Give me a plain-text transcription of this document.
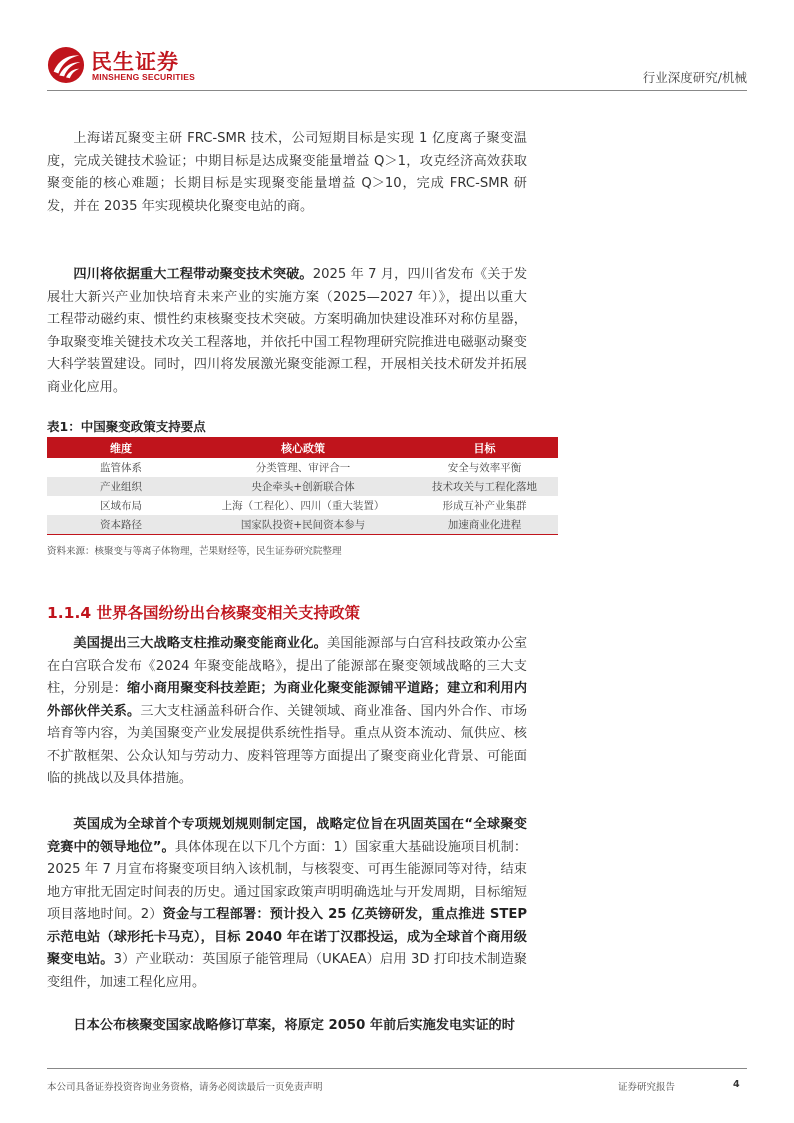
民生证券
MINSHENG SECURITIES	行业深度研究/机械

上海诺瓦聚变主研 FRC-SMR 技术，公司短期目标是实现 1 亿度离子聚变温度，完成关键技术验证；中期目标是达成聚变能量增益 Q＞1，攻克经济高效获取聚变能的核心难题；长期目标是实现聚变能量增益 Q＞10，完成 FRC-SMR 研发，并在 2035 年实现模块化聚变电站的商。

四川将依据重大工程带动聚变技术突破。2025 年 7 月，四川省发布《关于发展壮大新兴产业加快培育未来产业的实施方案（2025—2027 年）》，提出以重大工程带动磁约束、惯性约束核聚变技术突破。方案明确加快建设准环对称仿星器，争取聚变堆关键技术攻关工程落地，并依托中国工程物理研究院推进电磁驱动聚变大科学装置建设。同时，四川将发展激光聚变能源工程，开展相关技术研发并拓展商业化应用。

表1：中国聚变政策支持要点
维度	核心政策	目标
监管体系	分类管理、审评合一	安全与效率平衡
产业组织	央企牵头+创新联合体	技术攻关与工程化落地
区域布局	上海（工程化）、四川（重大装置）	形成互补产业集群
资本路径	国家队投资+民间资本参与	加速商业化进程
资料来源：核聚变与等离子体物理，芒果财经等，民生证券研究院整理
1.1.4 世界各国纷纷出台核聚变相关支持政策

美国提出三大战略支柱推动聚变能商业化。美国能源部与白宫科技政策办公室在白宫联合发布《2024 年聚变能战略》，提出了能源部在聚变领域战略的三大支柱，分别是：缩小商用聚变科技差距；为商业化聚变能源铺平道路；建立和利用内外部伙伴关系。三大支柱涵盖科研合作、关键领域、商业准备、国内外合作、市场培育等内容，为美国聚变产业发展提供系统性指导。重点从资本流动、氚供应、核不扩散框架、公众认知与劳动力、废料管理等方面提出了聚变商业化背景、可能面临的挑战以及具体措施。

英国成为全球首个专项规划规则制定国，战略定位旨在巩固英国在“全球聚变竞赛中的领导地位”。具体体现在以下几个方面：1）国家重大基础设施项目机制：2025 年 7 月宣布将聚变项目纳入该机制，与核裂变、可再生能源同等对待，结束地方审批无固定时间表的历史。通过国家政策声明明确选址与开发周期，目标缩短项目落地时间。2）资金与工程部署：预计投入 25 亿英镑研发，重点推进 STEP 示范电站（球形托卡马克），目标 2040 年在诺丁汉郡投运，成为全球首个商用级聚变电站。3）产业联动：英国原子能管理局（UKAEA）启用 3D 打印技术制造聚变组件，加速工程化应用。

日本公布核聚变国家战略修订草案，将原定 2050 年前后实施发电实证的时

本公司具备证券投资咨询业务资格，请务必阅读最后一页免责声明	证券研究报告	4
